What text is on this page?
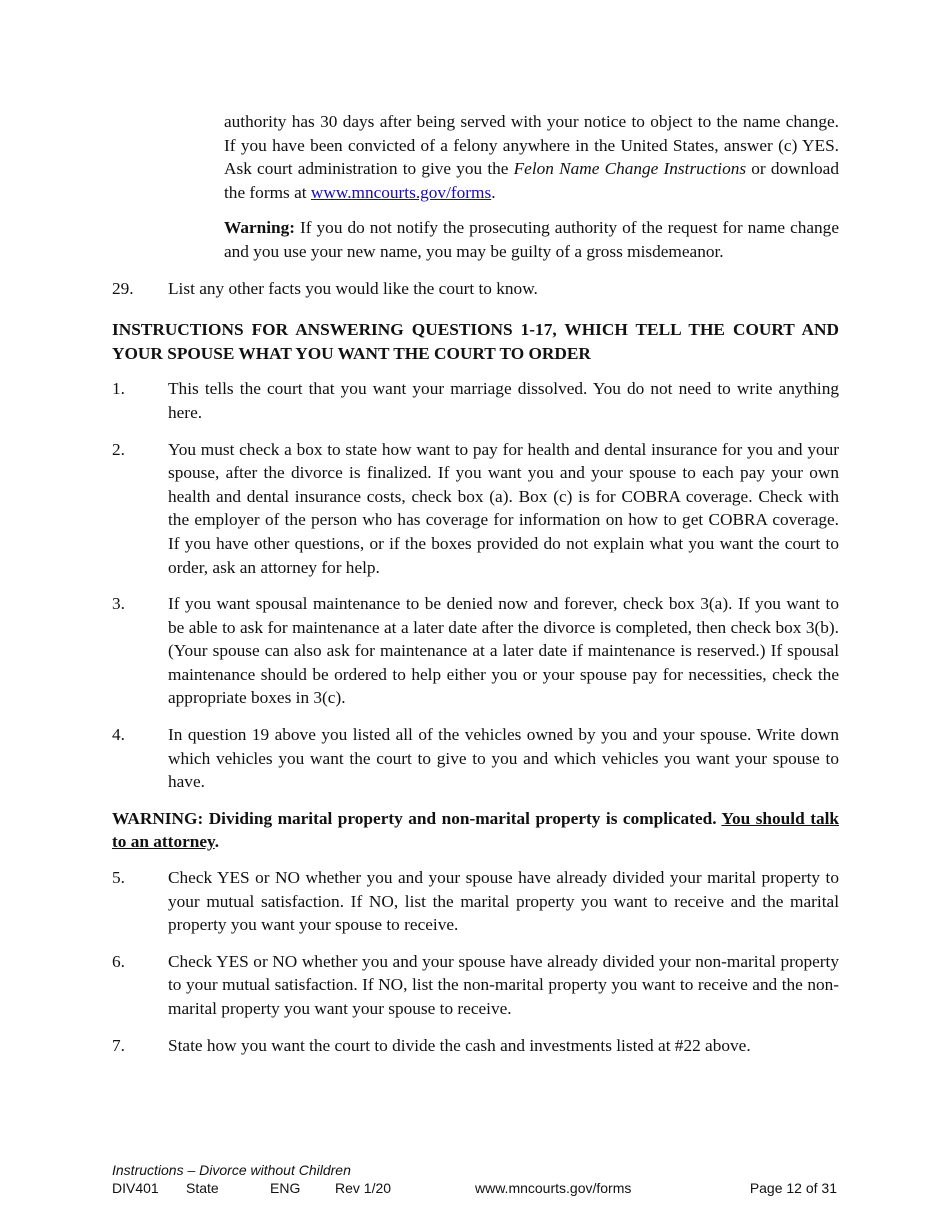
authority has 30 days after being served with your notice to object to the name change. If you have been convicted of a felony anywhere in the United States, answer (c) YES. Ask court administration to give you the Felon Name Change Instructions or download the forms at www.mncourts.gov/forms.

Warning: If you do not notify the prosecuting authority of the request for name change and you use your new name, you may be guilty of a gross misdemeanor.

29.	List any other facts you would like the court to know.

INSTRUCTIONS FOR ANSWERING QUESTIONS 1-17, WHICH TELL THE COURT AND YOUR SPOUSE WHAT YOU WANT THE COURT TO ORDER

1.	This tells the court that you want your marriage dissolved. You do not need to write anything here.
2.	You must check a box to state how want to pay for health and dental insurance for you and your spouse, after the divorce is finalized. If you want you and your spouse to each pay your own health and dental insurance costs, check box (a). Box (c) is for COBRA coverage. Check with the employer of the person who has coverage for information on how to get COBRA coverage. If you have other questions, or if the boxes provided do not explain what you want the court to order, ask an attorney for help.
3.	If you want spousal maintenance to be denied now and forever, check box 3(a). If you want to be able to ask for maintenance at a later date after the divorce is completed, then check box 3(b).(Your spouse can also ask for maintenance at a later date if maintenance is reserved.) If spousal maintenance should be ordered to help either you or your spouse pay for necessities, check the appropriate boxes in 3(c).
4.	In question 19 above you listed all of the vehicles owned by you and your spouse. Write down which vehicles you want the court to give to you and which vehicles you want your spouse to have.

WARNING: Dividing marital property and non-marital property is complicated. You should talk to an attorney.

5.	Check YES or NO whether you and your spouse have already divided your marital property to your mutual satisfaction. If NO, list the marital property you want to receive and the marital property you want your spouse to receive.
6.	Check YES or NO whether you and your spouse have already divided your non-marital property to your mutual satisfaction. If NO, list the non-marital property you want to receive and the non-marital property you want your spouse to receive.
7.	State how you want the court to divide the cash and investments listed at #22 above.
Instructions – Divorce without Children
DIV401 State	ENG Rev 1/20	www.mncourts.gov/forms	Page 12 of 31
